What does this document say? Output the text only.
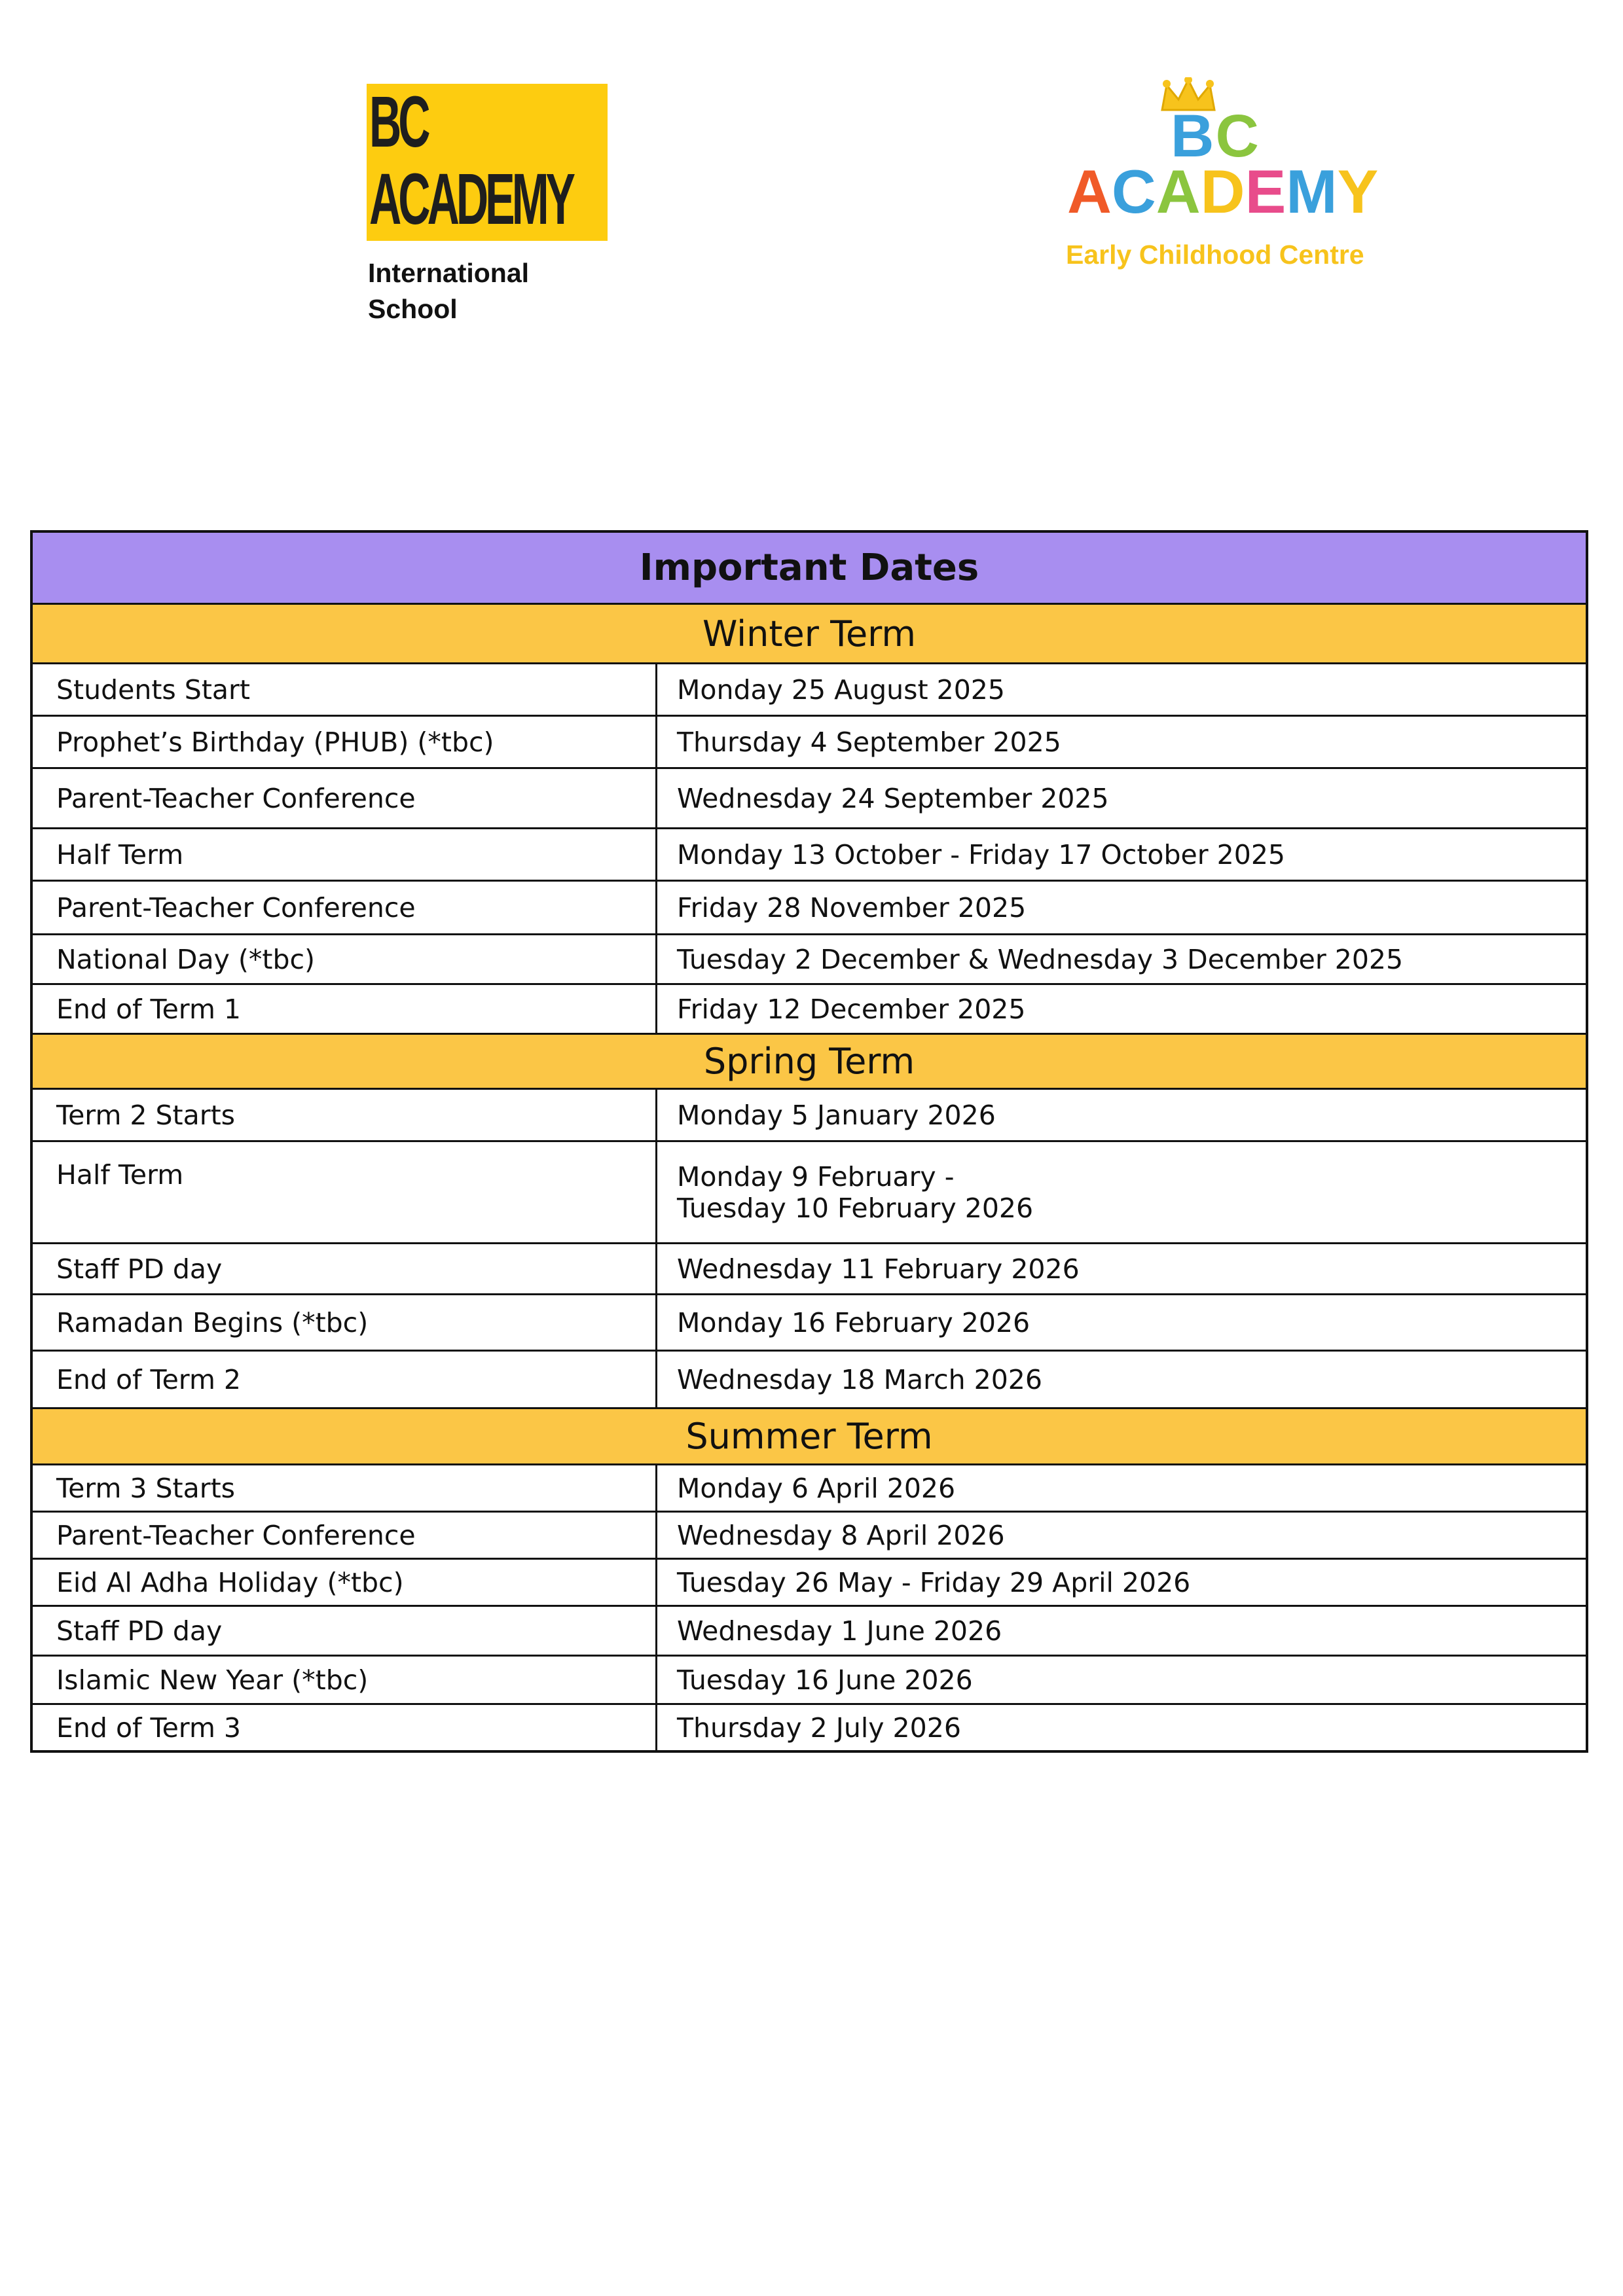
BC
ACADEMY
International
School
BC
ACADEMY
Early Childhood Centre
Important Dates
Winter Term
Students Start	Monday 25 August 2025
Prophet’s Birthday (PHUB) (*tbc)	Thursday 4 September 2025
Parent-Teacher Conference	Wednesday 24 September 2025
Half Term	Monday 13 October - Friday 17 October 2025
Parent-Teacher Conference	Friday 28 November 2025
National Day (*tbc)	Tuesday 2 December & Wednesday 3 December 2025
End of Term 1	Friday 12 December 2025
Spring Term
Term 2 Starts	Monday 5 January 2026
Half Term	Monday 9 February -
Tuesday 10 February 2026
Staff PD day	Wednesday 11 February 2026
Ramadan Begins (*tbc)	Monday 16 February 2026
End of Term 2	Wednesday 18 March 2026
Summer Term
Term 3 Starts	Monday 6 April 2026
Parent-Teacher Conference	Wednesday 8 April 2026
Eid Al Adha Holiday (*tbc)	Tuesday 26 May - Friday 29 April 2026
Staff PD day	Wednesday 1 June 2026
Islamic New Year (*tbc)	Tuesday 16 June 2026
End of Term 3	Thursday 2 July 2026
